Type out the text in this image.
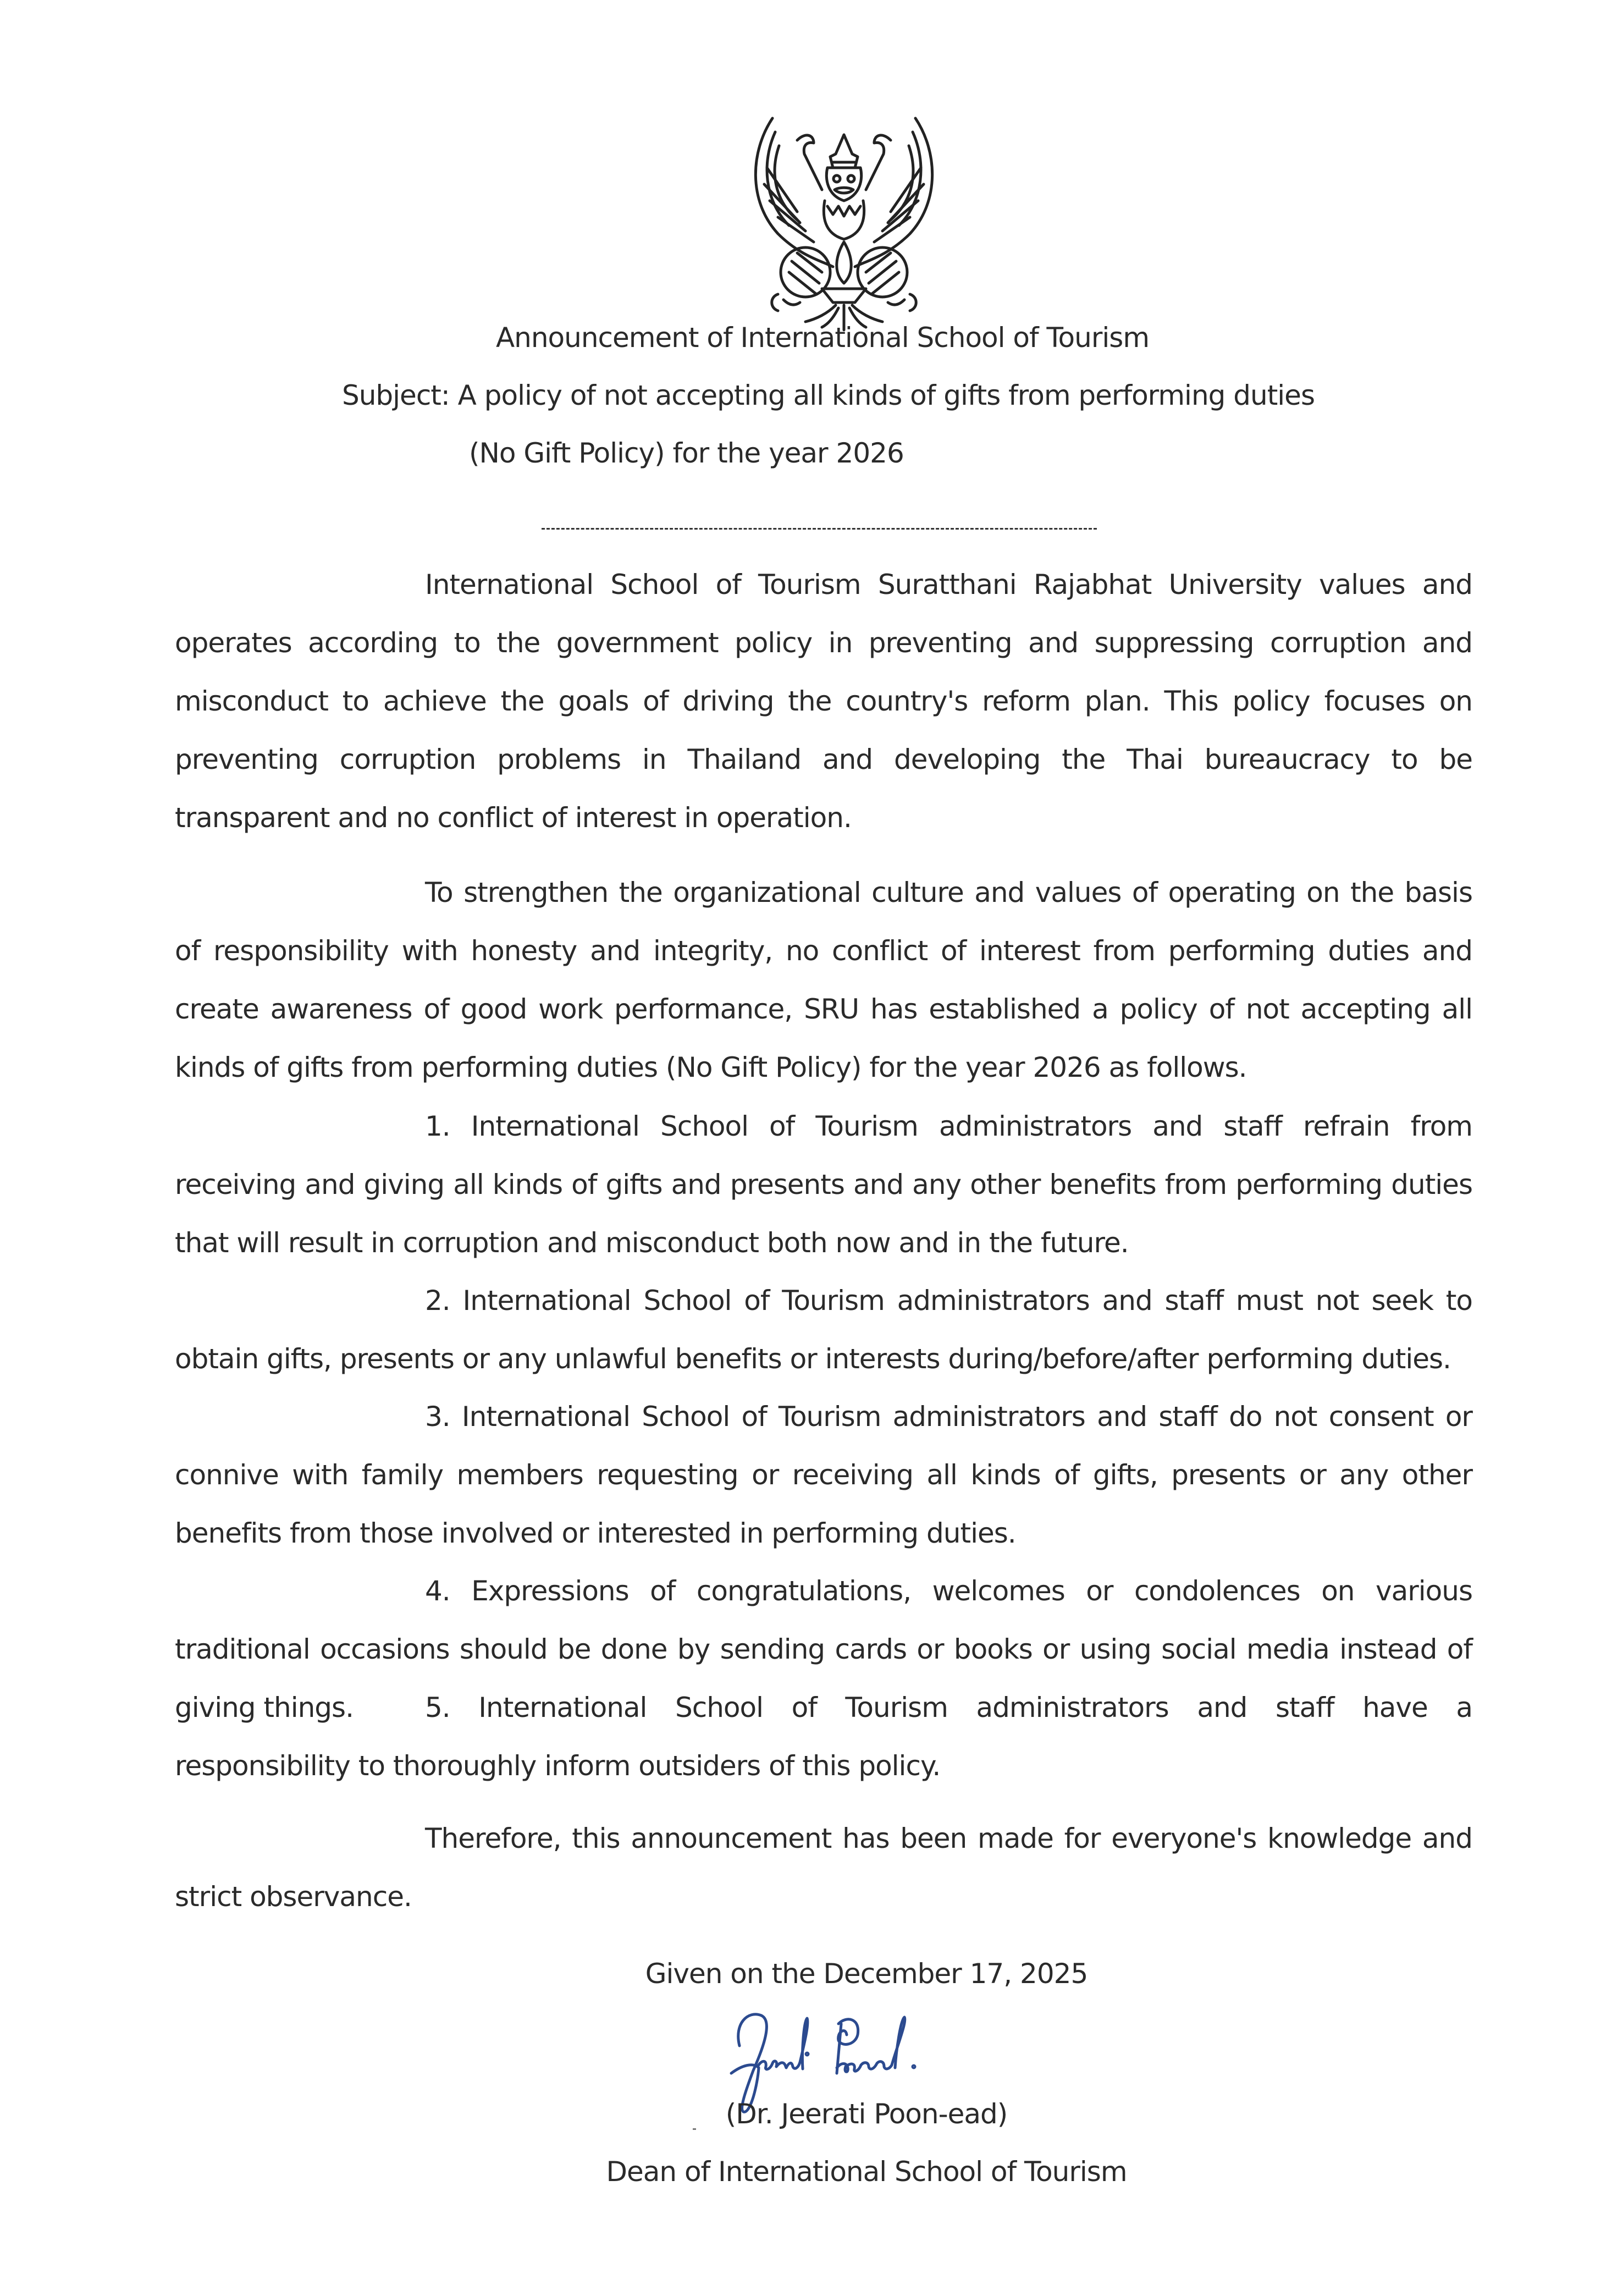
Announcement of International School of Tourism
Subject: A policy of not accepting all kinds of gifts from performing duties
(No Gift Policy) for the year 2026

International School of Tourism Suratthani Rajabhat University values and operates according to the government policy in preventing and suppressing corruption and misconduct to achieve the goals of driving the country's reform plan. This policy focuses on preventing corruption problems in Thailand and developing the Thai bureaucracy to be transparent and no conflict of interest in operation.

To strengthen the organizational culture and values of operating on the basis of responsibility with honesty and integrity, no conflict of interest from performing duties and create awareness of good work performance, SRU has established a policy of not accepting all kinds of gifts from performing duties (No Gift Policy) for the year 2026 as follows.

1. International School of Tourism administrators and staff refrain from receiving and giving all kinds of gifts and presents and any other benefits from performing duties that will result in corruption and misconduct both now and in the future.

2. International School of Tourism administrators and staff must not seek to obtain gifts, presents or any unlawful benefits or interests during/before/after performing duties.

3. International School of Tourism administrators and staff do not consent or connive with family members requesting or receiving all kinds of gifts, presents or any other benefits from those involved or interested in performing duties.

4. Expressions of congratulations, welcomes or condolences on various traditional occasions should be done by sending cards or books or using social media instead of giving things.	5. International School of Tourism administrators and staff have a responsibility to thoroughly inform outsiders of this policy.

Therefore, this announcement has been made for everyone's knowledge and strict observance.

Given on the December 17, 2025
(Dr. Jeerati Poon-ead)
Dean of International School of Tourism
